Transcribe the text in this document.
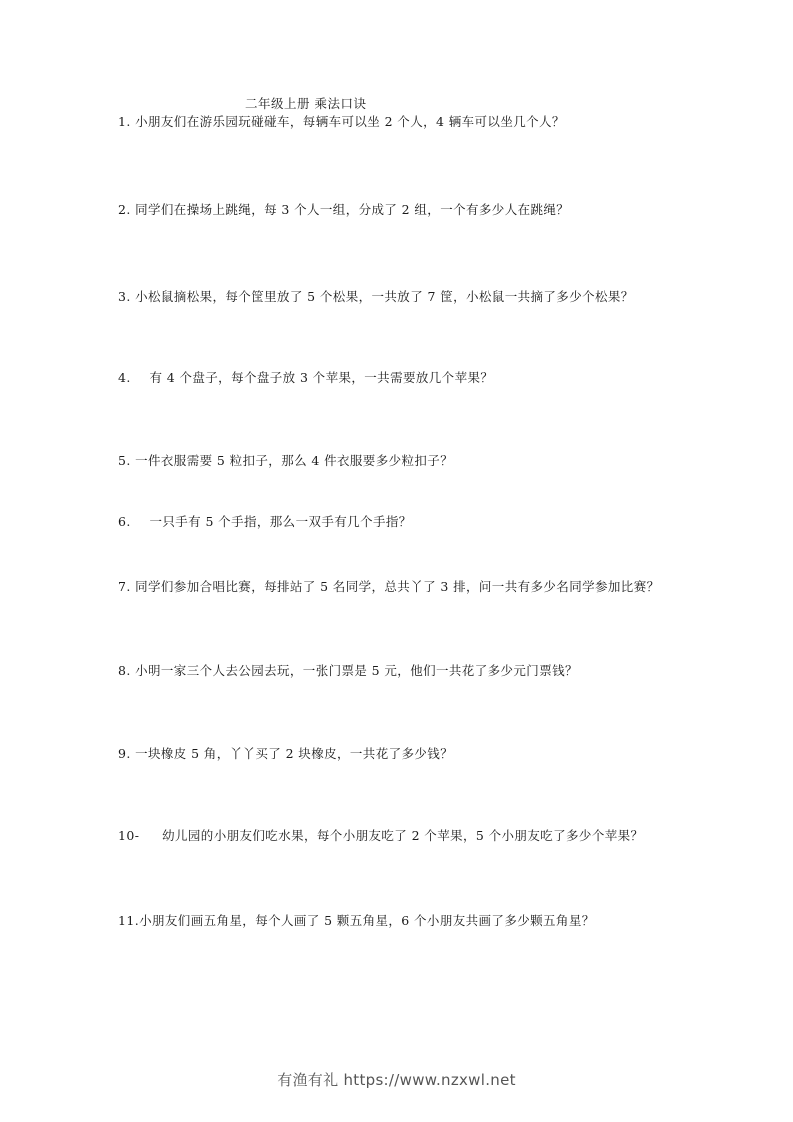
二年级上册 乘法口诀
1. 小朋友们在游乐园玩碰碰车，每辆车可以坐 2 个人，4 辆车可以坐几个人？
2. 同学们在操场上跳绳，每 3 个人一组，分成了 2 组，一个有多少人在跳绳？
3. 小松鼠摘松果，每个筐里放了 5 个松果，一共放了 7 筐，小松鼠一共摘了多少个松果？
4. 有 4 个盘子，每个盘子放 3 个苹果，一共需要放几个苹果？
5. 一件衣服需要 5 粒扣子，那么 4 件衣服要多少粒扣子？
6. 一只手有 5 个手指，那么一双手有几个手指？
7. 同学们参加合唱比赛，每排站了 5 名同学，总共丫了 3 排，问一共有多少名同学参加比赛？
8. 小明一家三个人去公园去玩，一张门票是 5 元，他们一共花了多少元门票钱？
9. 一块橡皮 5 角，丫丫买了 2 块橡皮，一共花了多少钱？
10- 幼儿园的小朋友们吃水果，每个小朋友吃了 2 个苹果，5 个小朋友吃了多少个苹果？
11.小朋友们画五角星，每个人画了 5 颗五角星，6 个小朋友共画了多少颗五角星？
有渔有礼 https://www.nzxwl.net
